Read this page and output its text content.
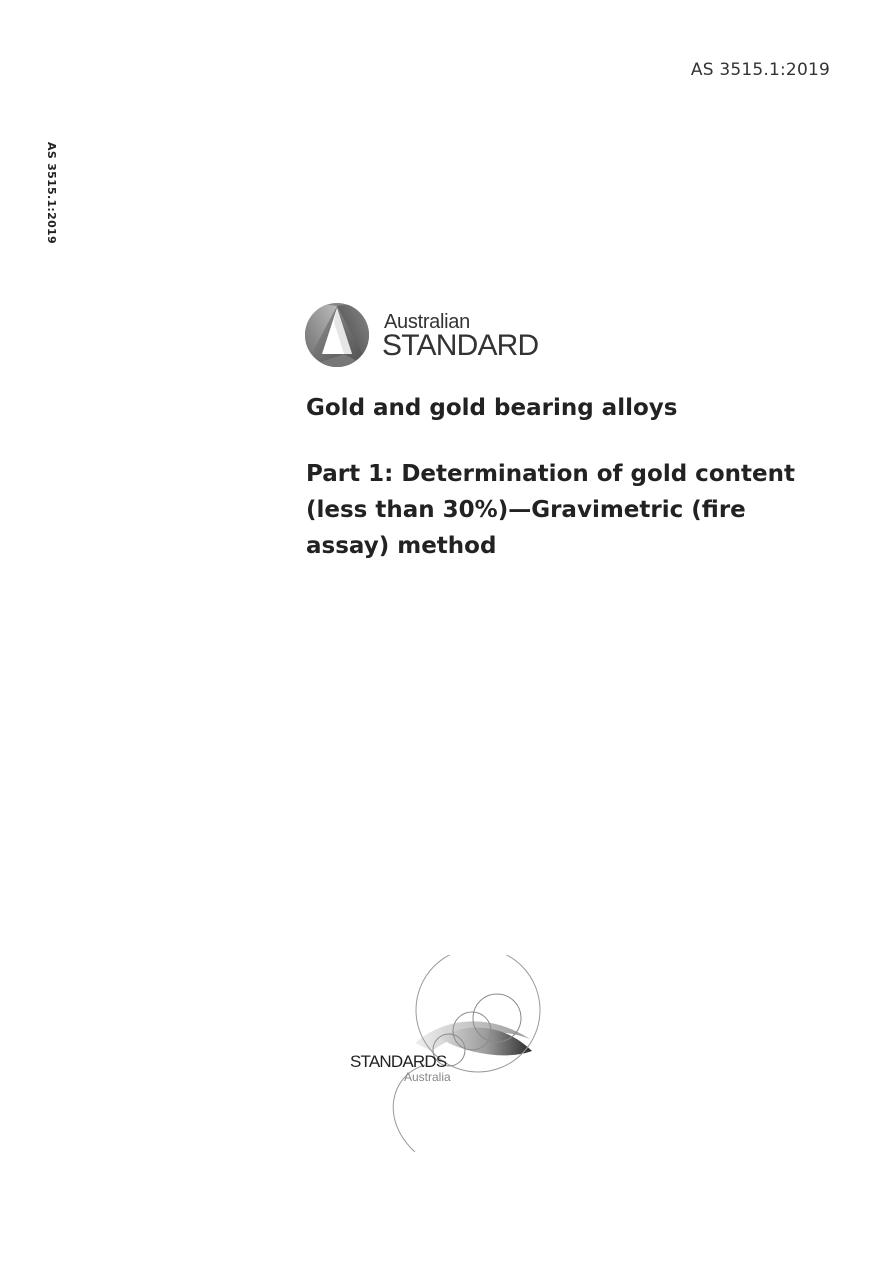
AS 3515.1:2019
AS 3515.1:2019
Australian
STANDARD
Gold and gold bearing alloys
Part 1: Determination of gold content (less than 30%)—Gravimetric (fire assay) method
STANDARDS
Australia
